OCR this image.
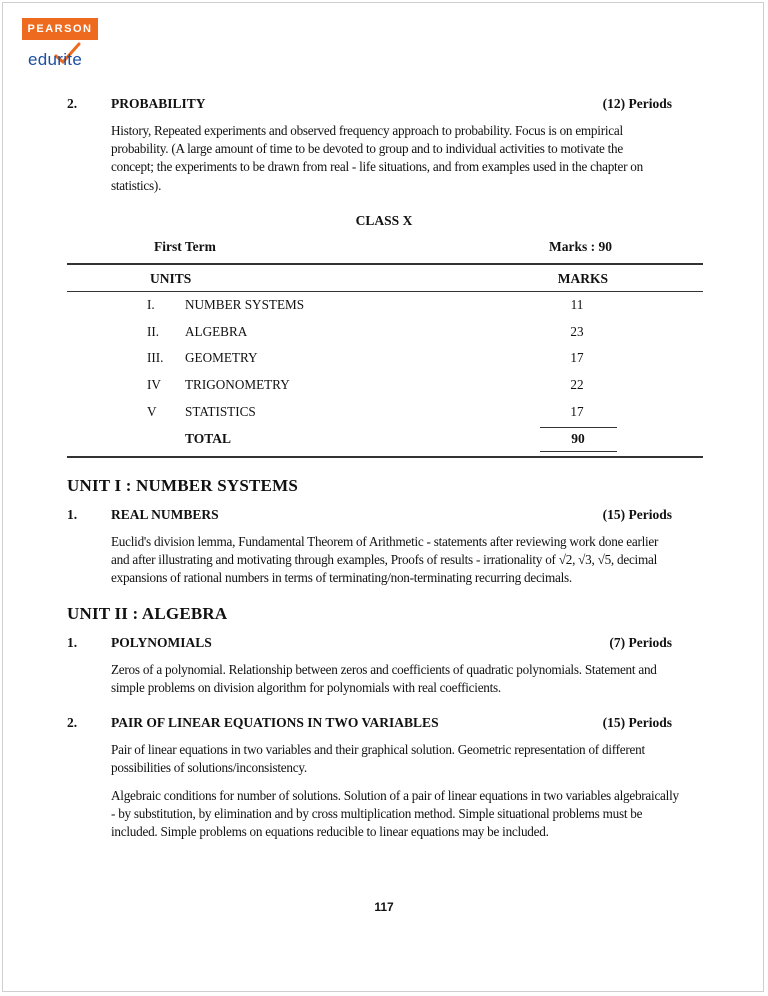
PEARSON
edurite
2.	PROBABILITY	(12) Periods
History, Repeated experiments and observed frequency approach to probability. Focus is on empirical
probability. (A large amount of time to be devoted to group and to individual activities to motivate the
concept; the experiments to be drawn from real - life situations, and from examples used in the chapter on
statistics).
CLASS X
First Term	Marks : 90
UNITS	MARKS
I. NUMBER SYSTEMS	11
II. ALGEBRA	23
III. GEOMETRY	17
IV TRIGONOMETRY	22
V STATISTICS	17
TOTAL	90
UNIT I : NUMBER SYSTEMS
1.	REAL NUMBERS	(15) Periods
Euclid's division lemma, Fundamental Theorem of Arithmetic - statements after reviewing work done earlier
and after illustrating and motivating through examples, Proofs of results - irrationality of √2, √3, √5, decimal
expansions of rational numbers in terms of terminating/non-terminating recurring decimals.
UNIT II : ALGEBRA
1.	POLYNOMIALS	(7) Periods
Zeros of a polynomial. Relationship between zeros and coefficients of quadratic polynomials. Statement and
simple problems on division algorithm for polynomials with real coefficients.
2.	PAIR OF LINEAR EQUATIONS IN TWO VARIABLES	(15) Periods
Pair of linear equations in two variables and their graphical solution. Geometric representation of different
possibilities of solutions/inconsistency.
Algebraic conditions for number of solutions. Solution of a pair of linear equations in two variables algebraically
- by substitution, by elimination and by cross multiplication method. Simple situational problems must be
included. Simple problems on equations reducible to linear equations may be included.
117
